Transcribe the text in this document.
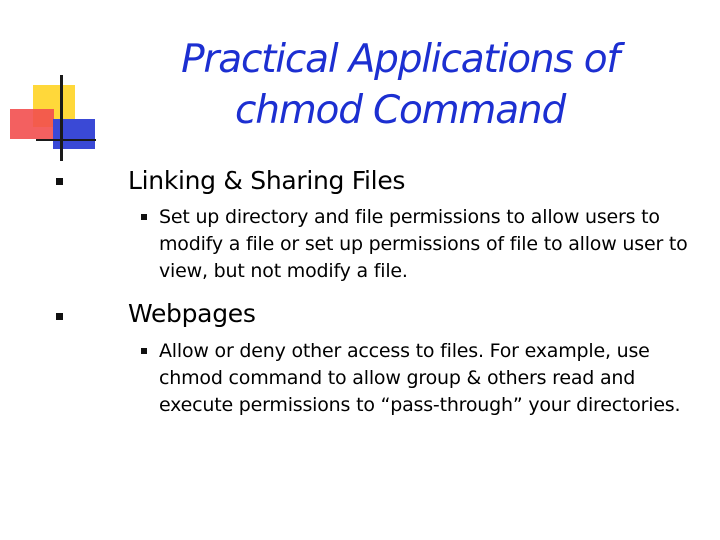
Practical Applications of
chmod Command
Linking & Sharing Files
Set up directory and file permissions to allow users to modify a file or set up permissions of file to allow user to view, but not modify a file.
Webpages
Allow or deny other access to files. For example, use chmod command to allow group & others read and execute permissions to “pass-through” your directories.
